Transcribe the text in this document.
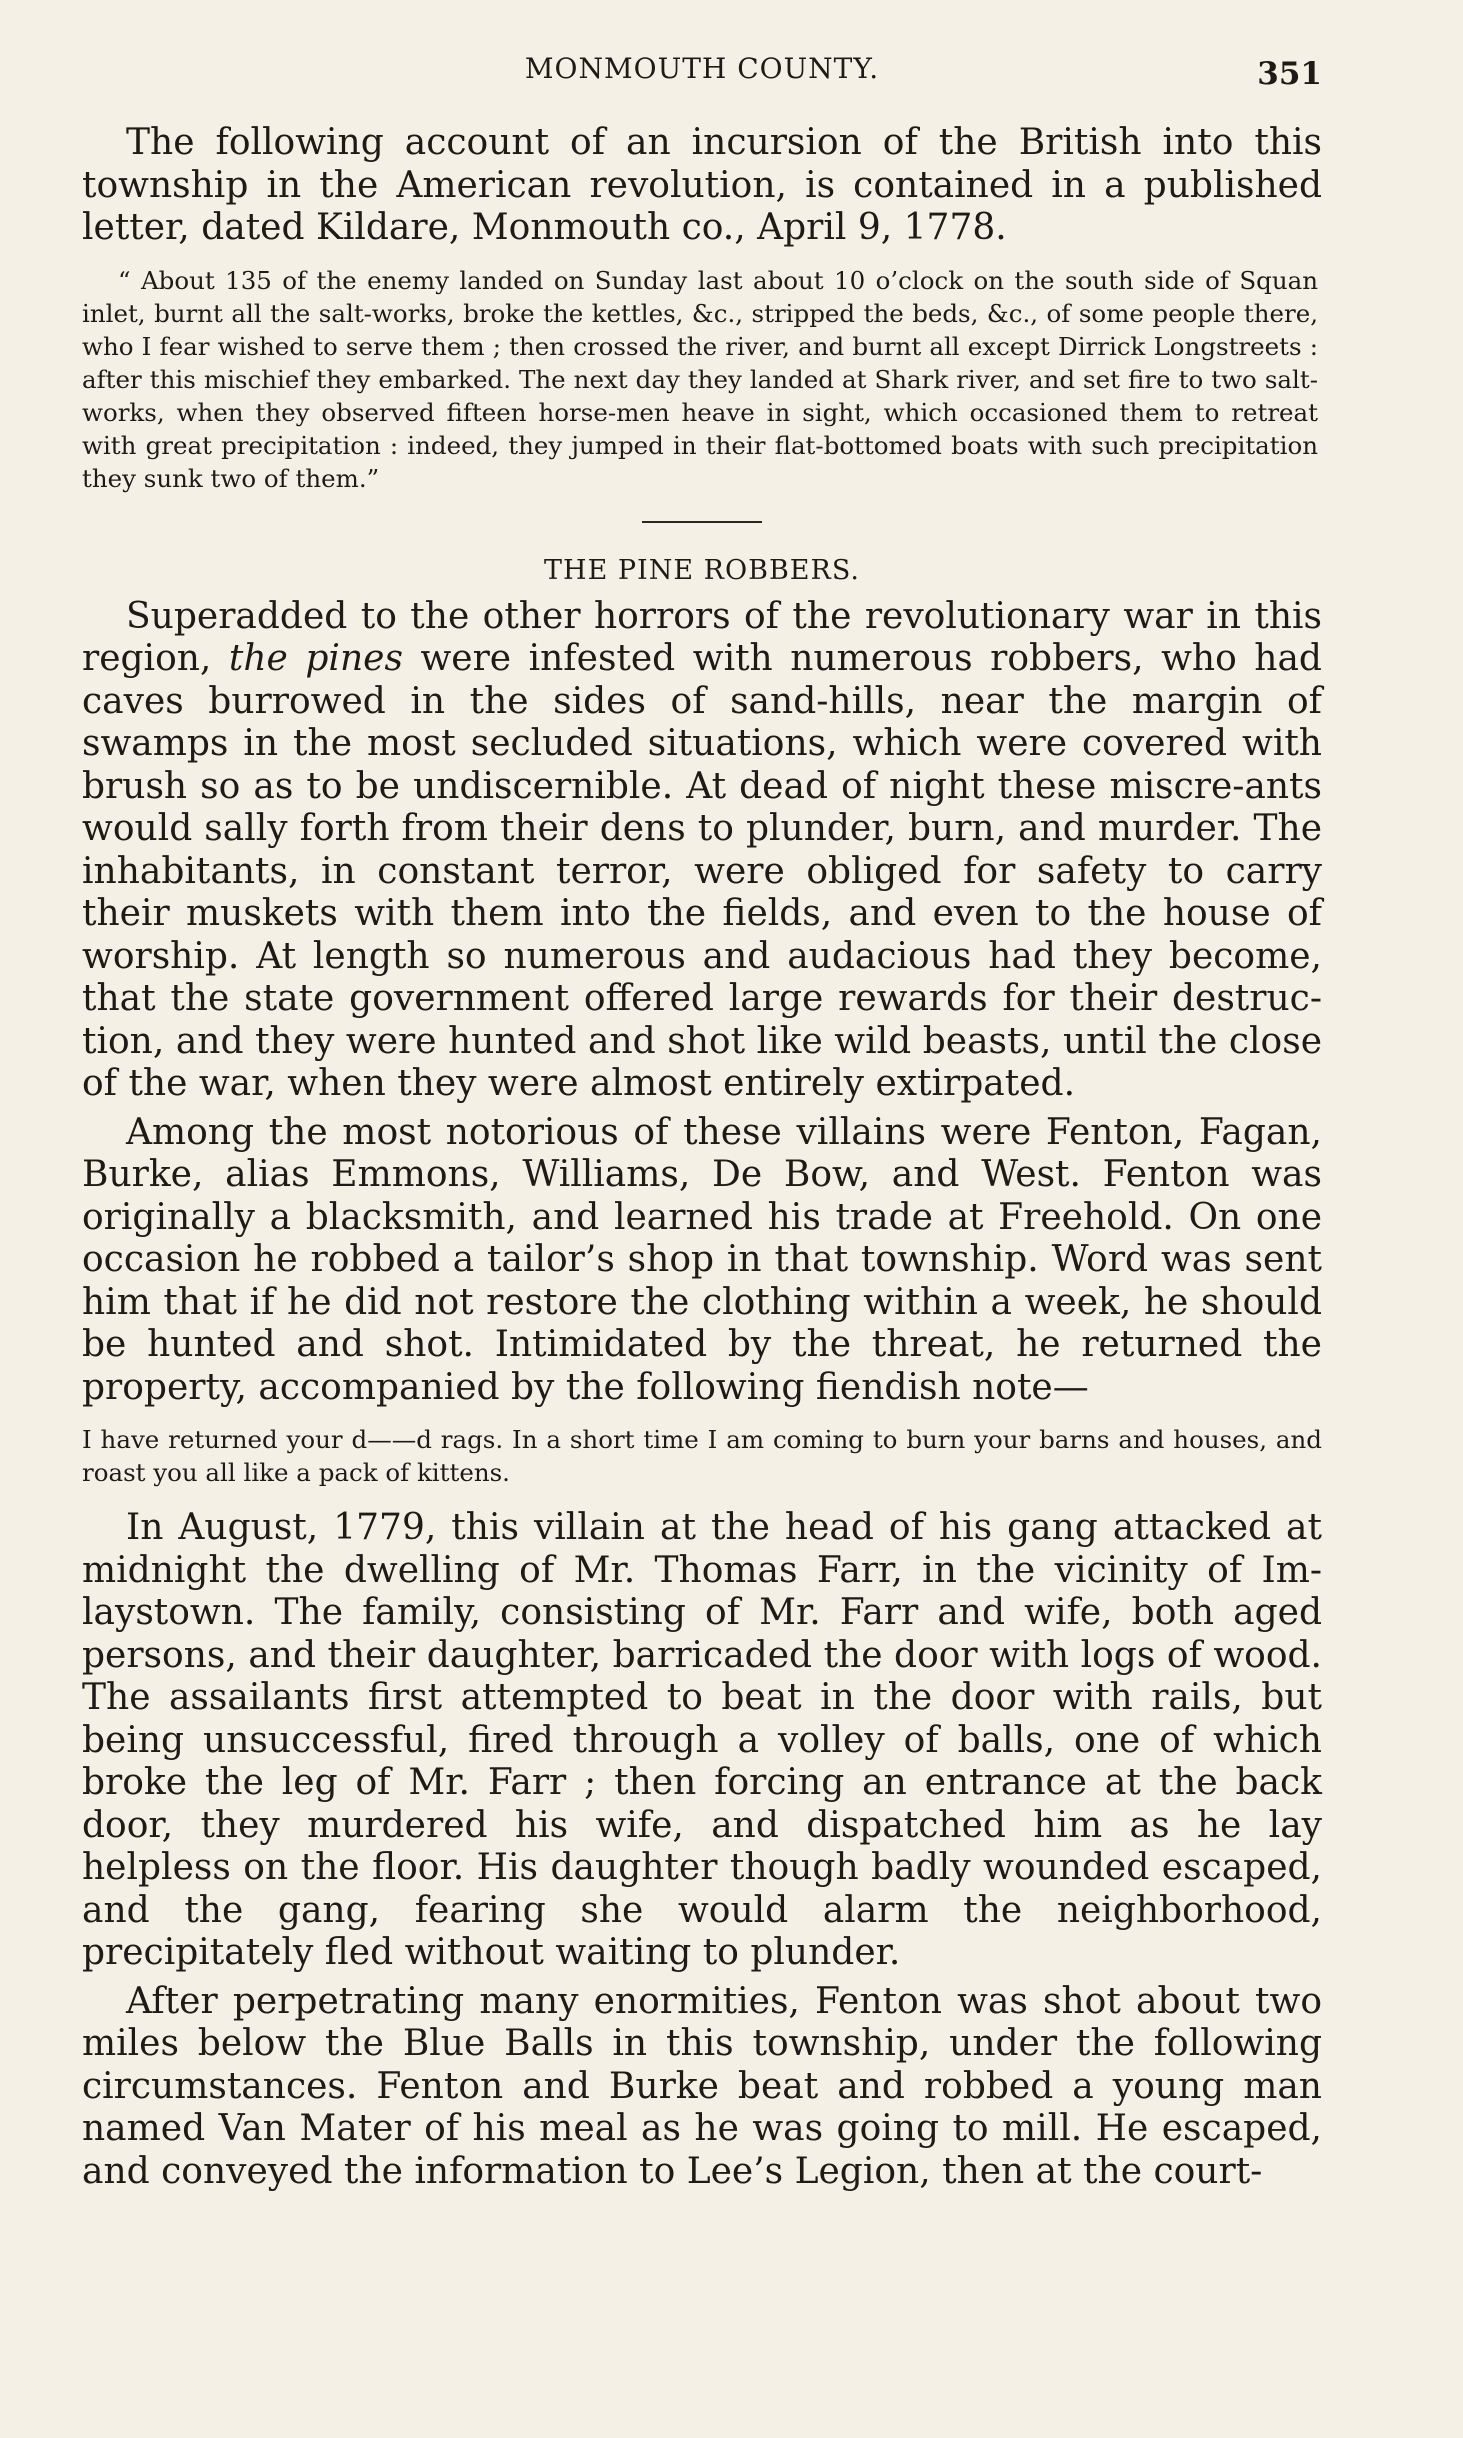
MONMOUTH COUNTY.	351

The following account of an incursion of the British into this township in the American revolution, is contained in a published letter, dated Kildare, Monmouth co., April 9, 1778.

“ About 135 of the enemy landed on Sunday last about 10 o’clock on the south side of Squan inlet, burnt all the salt-works, broke the kettles, &c., stripped the beds, &c., of some people there, who I fear wished to serve them ; then crossed the river, and burnt all except Dirrick Longstreets : after this mischief they embarked. The next day they landed at Shark river, and set fire to two salt-works, when they observed fifteen horse-men heave in sight, which occasioned them to retreat with great precipitation : indeed, they jumped in their flat-bottomed boats with such precipitation they sunk two of them.”

THE PINE ROBBERS.

Superadded to the other horrors of the revolutionary war in this region, the pines were infested with numerous robbers, who had caves burrowed in the sides of sand-hills, near the margin of swamps in the most secluded situations, which were covered with brush so as to be undiscernible. At dead of night these miscre-ants would sally forth from their dens to plunder, burn, and murder. The inhabitants, in constant terror, were obliged for safety to carry their muskets with them into the fields, and even to the house of worship. At length so numerous and audacious had they become, that the state government offered large rewards for their destruc-tion, and they were hunted and shot like wild beasts, until the close of the war, when they were almost entirely extirpated.

Among the most notorious of these villains were Fenton, Fagan, Burke, alias Emmons, Williams, De Bow, and West. Fenton was originally a blacksmith, and learned his trade at Freehold. On one occasion he robbed a tailor’s shop in that township. Word was sent him that if he did not restore the clothing within a week, he should be hunted and shot. Intimidated by the threat, he returned the property, accompanied by the following fiendish note—

I have returned your d——d rags. In a short time I am coming to burn your barns and houses, and roast you all like a pack of kittens.

In August, 1779, this villain at the head of his gang attacked at midnight the dwelling of Mr. Thomas Farr, in the vicinity of Im-laystown. The family, consisting of Mr. Farr and wife, both aged persons, and their daughter, barricaded the door with logs of wood. The assailants first attempted to beat in the door with rails, but being unsuccessful, fired through a volley of balls, one of which broke the leg of Mr. Farr ; then forcing an entrance at the back door, they murdered his wife, and dispatched him as he lay helpless on the floor. His daughter though badly wounded escaped, and the gang, fearing she would alarm the neighborhood, precipitately fled without waiting to plunder.

After perpetrating many enormities, Fenton was shot about two miles below the Blue Balls in this township, under the following circumstances. Fenton and Burke beat and robbed a young man named Van Mater of his meal as he was going to mill. He escaped, and conveyed the information to Lee’s Legion, then at the court-
